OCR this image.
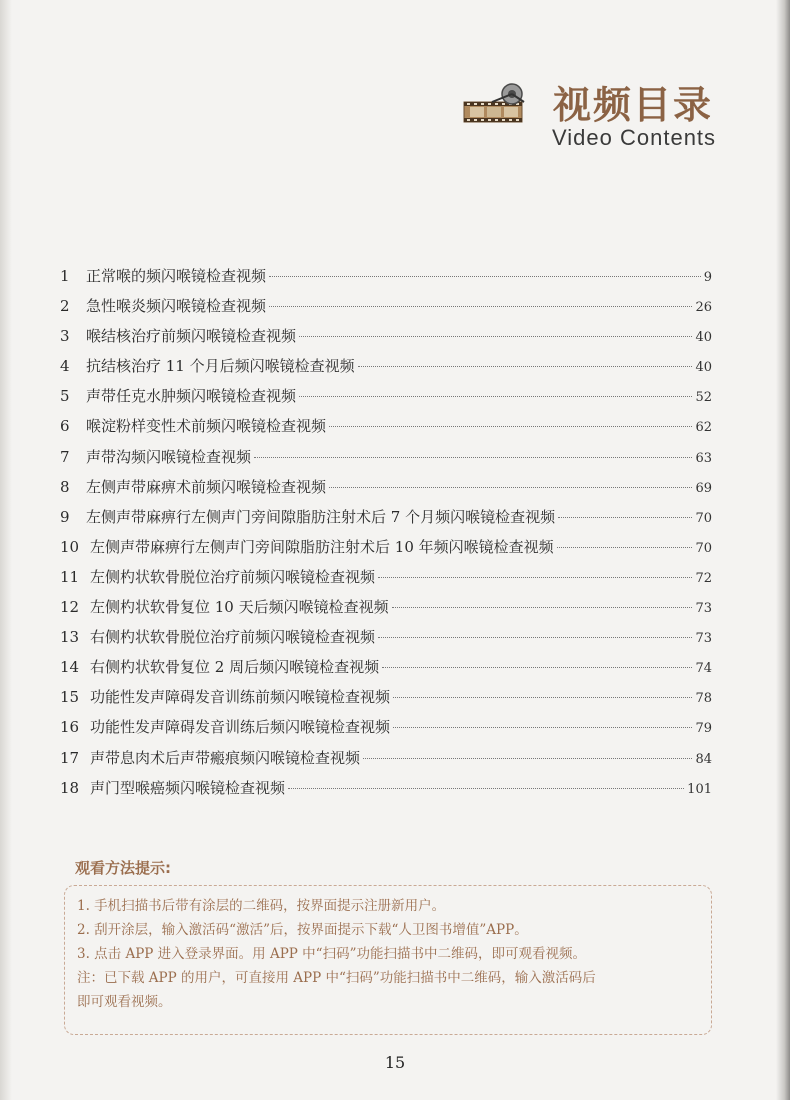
视频目录
Video Contents
1	正常喉的频闪喉镜检查视频	9
2	急性喉炎频闪喉镜检查视频	26
3	喉结核治疗前频闪喉镜检查视频	40
4	抗结核治疗 11 个月后频闪喉镜检查视频	40
5	声带任克水肿频闪喉镜检查视频	52
6	喉淀粉样变性术前频闪喉镜检查视频	62
7	声带沟频闪喉镜检查视频	63
8	左侧声带麻痹术前频闪喉镜检查视频	69
9	左侧声带麻痹行左侧声门旁间隙脂肪注射术后 7 个月频闪喉镜检查视频	70
10 左侧声带麻痹行左侧声门旁间隙脂肪注射术后 10 年频闪喉镜检查视频	70
11 左侧杓状软骨脱位治疗前频闪喉镜检查视频	72
12 左侧杓状软骨复位 10 天后频闪喉镜检查视频	73
13 右侧杓状软骨脱位治疗前频闪喉镜检查视频	73
14 右侧杓状软骨复位 2 周后频闪喉镜检查视频	74
15 功能性发声障碍发音训练前频闪喉镜检查视频	78
16 功能性发声障碍发音训练后频闪喉镜检查视频	79
17 声带息肉术后声带瘢痕频闪喉镜检查视频	84
18 声门型喉癌频闪喉镜检查视频	101
观看方法提示:
1. 手机扫描书后带有涂层的二维码，按界面提示注册新用户。
2. 刮开涂层，输入激活码“激活”后，按界面提示下载“人卫图书增值”APP。
3. 点击 APP 进入登录界面。用 APP 中“扫码”功能扫描书中二维码，即可观看视频。
注：已下载 APP 的用户，可直接用 APP 中“扫码”功能扫描书中二维码，输入激活码后
即可观看视频。
15
